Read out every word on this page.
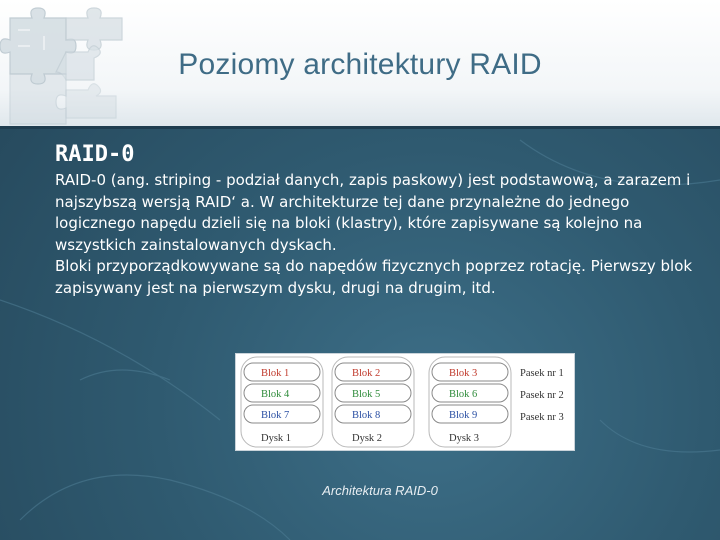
Poziomy architektury RAID
RAID-0

RAID-0 (ang. striping - podział danych, zapis paskowy) jest podstawową, a zarazem i najszybszą wersją RAID‘ a. W architekturze tej dane przynależne do jednego logicznego napędu dzieli się na bloki (klastry), które zapisywane są kolejno na wszystkich zainstalowanych dyskach.

Bloki przyporządkowywane są do napędów fizycznych poprzez rotację. Pierwszy blok zapisywany jest na pierwszym dysku, drugi na drugim, itd.

Blok 1
Blok 4
Blok 7
Dysk 1
Blok 2
Blok 5
Blok 8
Dysk 2
Blok 3
Blok 6
Blok 9
Dysk 3
Pasek nr 1
Pasek nr 2
Pasek nr 3
Architektura RAID-0
